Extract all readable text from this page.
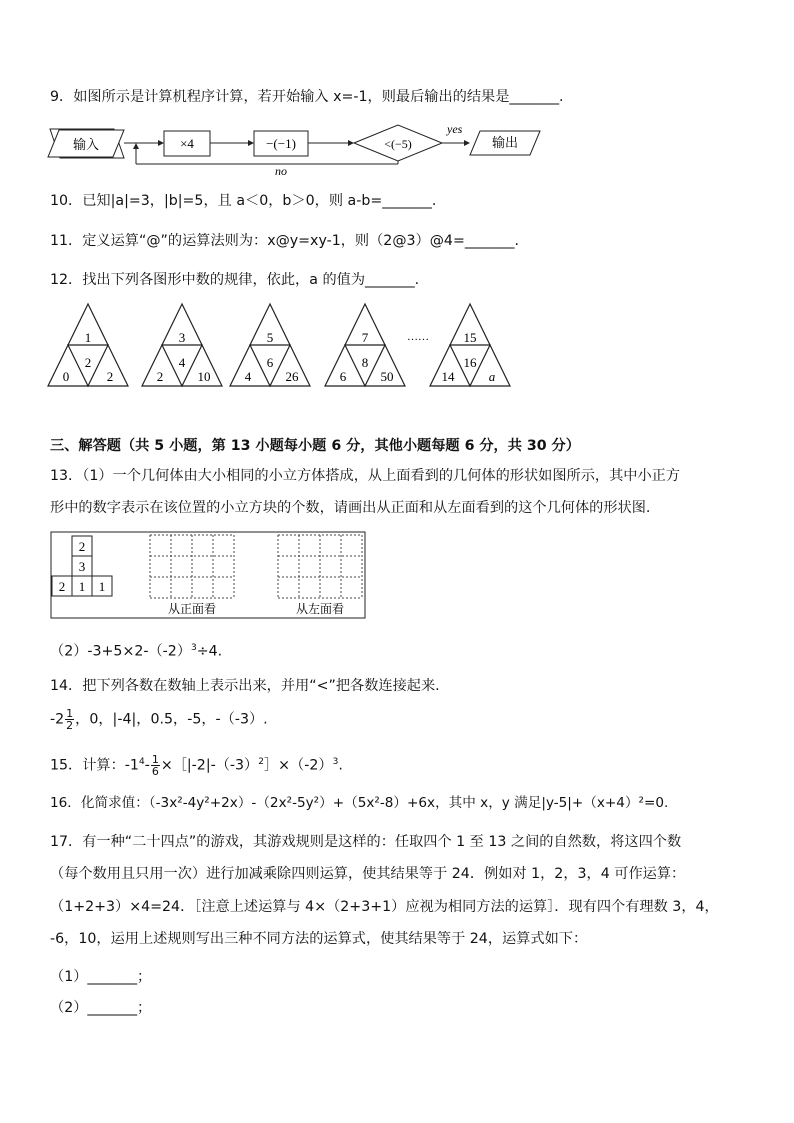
9．如图所示是计算机程序计算，若开始输入 x=-1，则最后输出的结果是_______.
输入	×4	−(−1)	<(−5)
yes
输出
no
10．已知|a|=3，|b|=5，且 a＜0，b＞0，则 a-b=_______.
11．定义运算“@”的运算法则为：x@y=xy-1，则（2@3）@4=_______.
12．找出下列各图形中数的规律，依此，a 的值为_______.
1
2
0	2
3
4
2	10
5
6
4	26
7
8
6	50
15
16
14	a
……
三、解答题（共 5 小题，第 13 小题每小题 6 分，其他小题每题 6 分，共 30 分）
13．（1）一个几何体由大小相同的小立方体搭成，从上面看到的几何体的形状如图所示，其中小正方
形中的数字表示在该位置的小立方块的个数，请画出从正面和从左面看到的这个几何体的形状图.
2
3
2 1 1
从正面看	从左面看
$(2)-3+5\times 2-(-2)^3\div 4$.
14．把下列各数在数轴上表示出来，并用“<”把各数连接起来.
$-2 \frac{1}{2}$ ，0，|-4|，0.5，-5，-（-3）.
15．计算：$-1^4- \frac{1}{6}$ $\times[|-2|-(-3)^2]\times(-2)^3$.
16．化简求值：（-3x²-4y²+2x）-（2x²-5y²）+（5x²-8）+6x，其中 x，y 满足|y-5|+（x+4）²=0.
17．有一种“二十四点”的游戏，其游戏规则是这样的：任取四个 1 至 13 之间的自然数，将这四个数
（每个数用且只用一次）进行加减乘除四则运算，使其结果等于 24．例如对 1，2，3，4 可作运算：
（1+2+3）×4=24．［注意上述运算与 4×（2+3+1）应视为相同方法的运算］．现有四个有理数 3，4，
-6，10，运用上述规则写出三种不同方法的运算式，使其结果等于 24，运算式如下：
（1）_______；
（2）_______；
